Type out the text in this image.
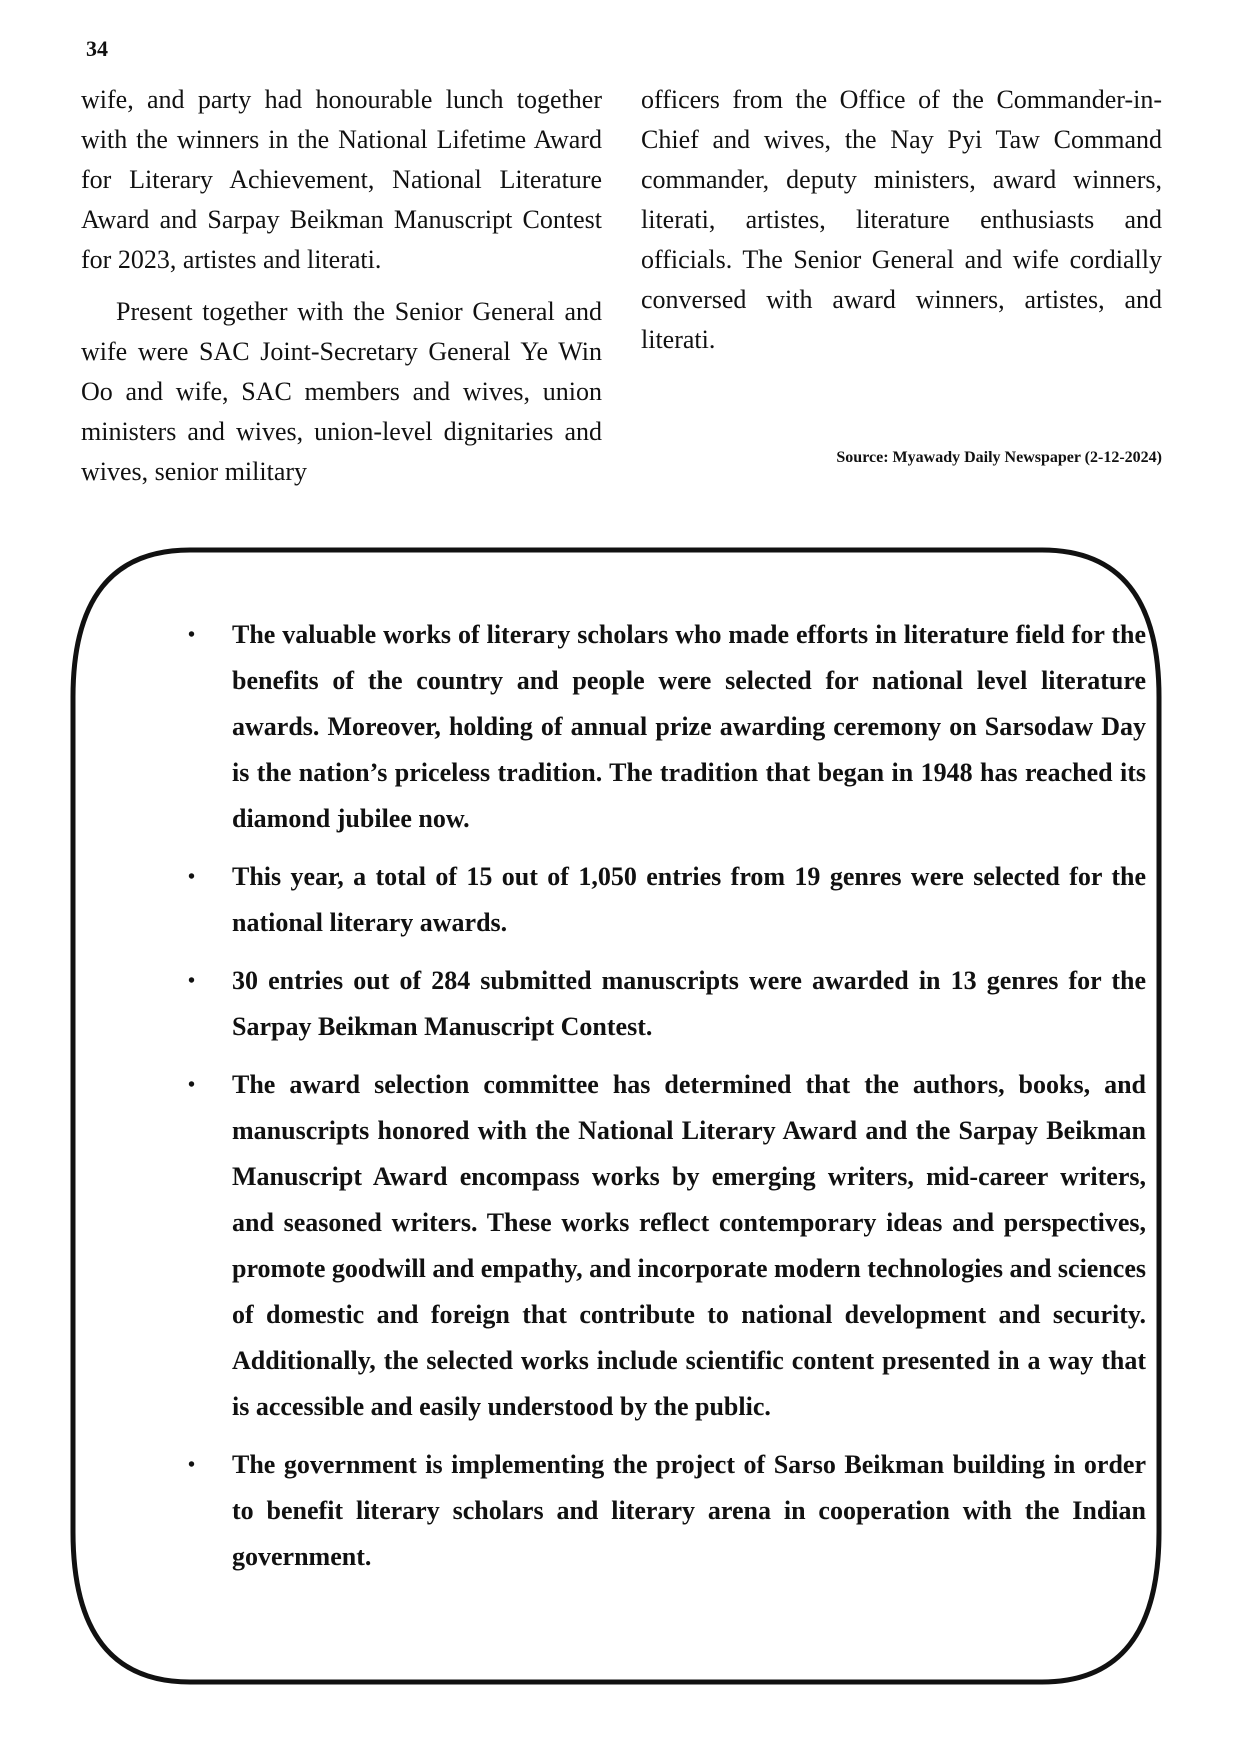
34

wife, and party had honourable lunch together with the winners in the National Lifetime Award for Literary Achievement, National Literature Award and Sarpay Beikman Manuscript Contest for 2023, artistes and literati.

Present together with the Senior General and wife were SAC Joint-Secretary General Ye Win Oo and wife, SAC members and wives, union ministers and wives, union-level dignitaries and wives, senior military

officers from the Office of the Commander-in-Chief and wives, the Nay Pyi Taw Command commander, deputy ministers, award winners, literati, artistes, literature enthusiasts and officials. The Senior General and wife cordially conversed with award winners, artistes, and literati.

Source: Myawady Daily Newspaper (2-12-2024)
• The valuable works of literary scholars who made efforts in literature field for the benefits of the country and people were selected for national level literature awards. Moreover, holding of annual prize awarding ceremony on Sarsodaw Day is the nation’s priceless tradition. The tradition that began in 1948 has reached its diamond jubilee now.
• This year, a total of 15 out of 1,050 entries from 19 genres were selected for the national literary awards.
• 30 entries out of 284 submitted manuscripts were awarded in 13 genres for the Sarpay Beikman Manuscript Contest.
• The award selection committee has determined that the authors, books, and manuscripts honored with the National Literary Award and the Sarpay Beikman Manuscript Award encompass works by emerging writers, mid-career writers, and seasoned writers. These works reflect contemporary ideas and perspectives, promote goodwill and empathy, and incorporate modern technologies and sciences of domestic and foreign that contribute to national development and security. Additionally, the selected works include scientific content presented in a way that is accessible and easily understood by the public.
• The government is implementing the project of Sarso Beikman building in order to benefit literary scholars and literary arena in cooperation with the Indian government.
